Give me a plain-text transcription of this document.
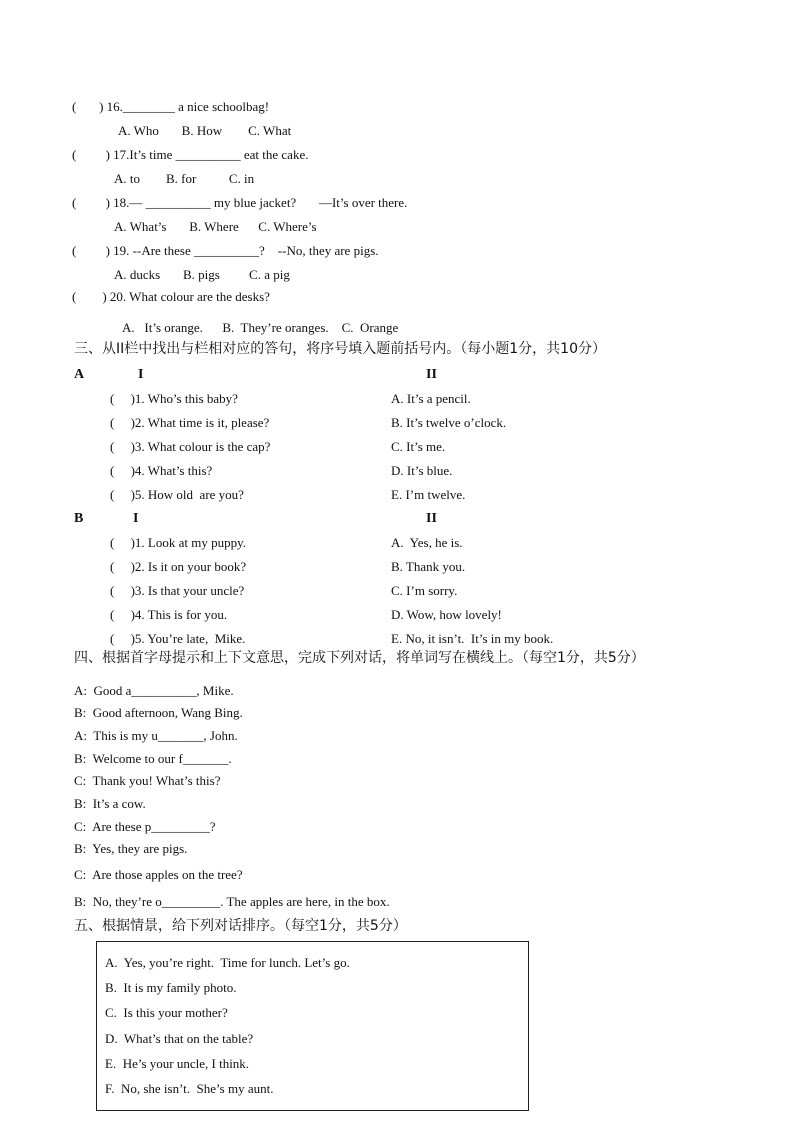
(       ) 16.________ a nice schoolbag!
A. Who       B. How        C. What
(         ) 17.It’s time __________ eat the cake.
A. to        B. for          C. in
(         ) 18.— __________ my blue jacket?       —It’s over there.
A. What’s       B. Where      C. Where’s
(         ) 19. --Are these __________?    --No, they are pigs.
A. ducks       B. pigs         C. a pig
(        ) 20. What colour are the desks?
A.   It’s orange.      B.  They’re oranges.    C.  Orange
三、从II栏中找出与栏相对应的答句，将序号填入题前括号内。（每小题1分，共10分）
A	I	II
(     )1. Who’s this baby?	A. It’s a pencil.
(     )2. What time is it, please?	B. It’s twelve o’clock.
(     )3. What colour is the cap?	C. It’s me.
(     )4. What’s this?	D. It’s blue.
(     )5. How old  are you?	E. I’m twelve.
B	I	II
(     )1. Look at my puppy.	A.  Yes, he is.
(     )2. Is it on your book?	B. Thank you.
(     )3. Is that your uncle?	C. I’m sorry.
(     )4. This is for you.	D. Wow, how lovely!
(     )5. You’re late,  Mike.	E. No, it isn’t.  It’s in my book.
四、根据首字母提示和上下文意思，完成下列对话，将单词写在横线上。（每空1分，共5分）
A:  Good a__________, Mike.
B:  Good afternoon, Wang Bing.
A:  This is my u_______, John.
B:  Welcome to our f_______.
C:  Thank you! What’s this?
B:  It’s a cow.
C:  Are these p_________?
B:  Yes, they are pigs.
C:  Are those apples on the tree?
B:  No, they’re o_________. The apples are here, in the box.
五、根据情景，给下列对话排序。（每空1分，共5分）
A.  Yes, you’re right.  Time for lunch. Let’s go.
B.  It is my family photo.
C.  Is this your mother?
D.  What’s that on the table?
E.  He’s your uncle, I think.
F.  No, she isn’t.  She’s my aunt.
